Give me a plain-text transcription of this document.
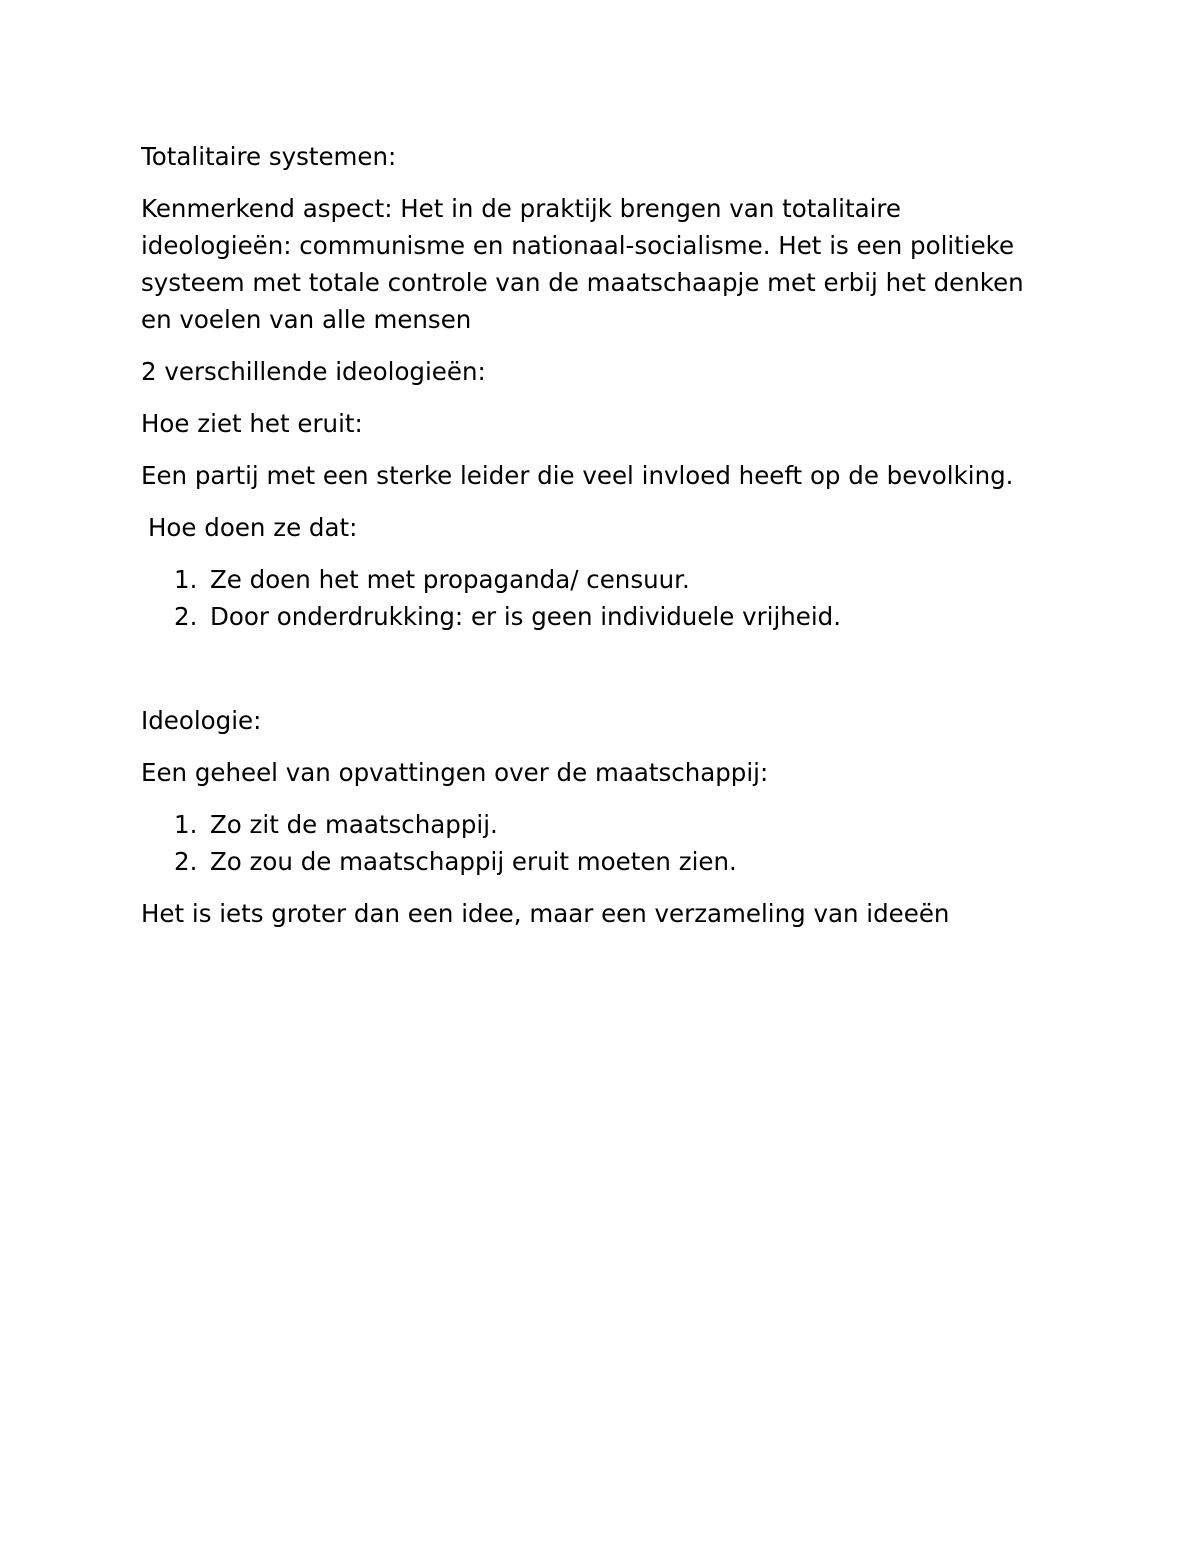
Totalitaire systemen:

Kenmerkend aspect: Het in de praktijk brengen van totalitaire ideologieën: communisme en nationaal-socialisme. Het is een politieke systeem met totale controle van de maatschaapje met erbij het denken en voelen van alle mensen

2 verschillende ideologieën:

Hoe ziet het eruit:

Een partij met een sterke leider die veel invloed heeft op de bevolking.

Hoe doen ze dat:

1. Ze doen het met propaganda/ censuur.
2. Door onderdrukking: er is geen individuele vrijheid.

Ideologie:

Een geheel van opvattingen over de maatschappij:

1. Zo zit de maatschappij.
2. Zo zou de maatschappij eruit moeten zien.

Het is iets groter dan een idee, maar een verzameling van ideeën
